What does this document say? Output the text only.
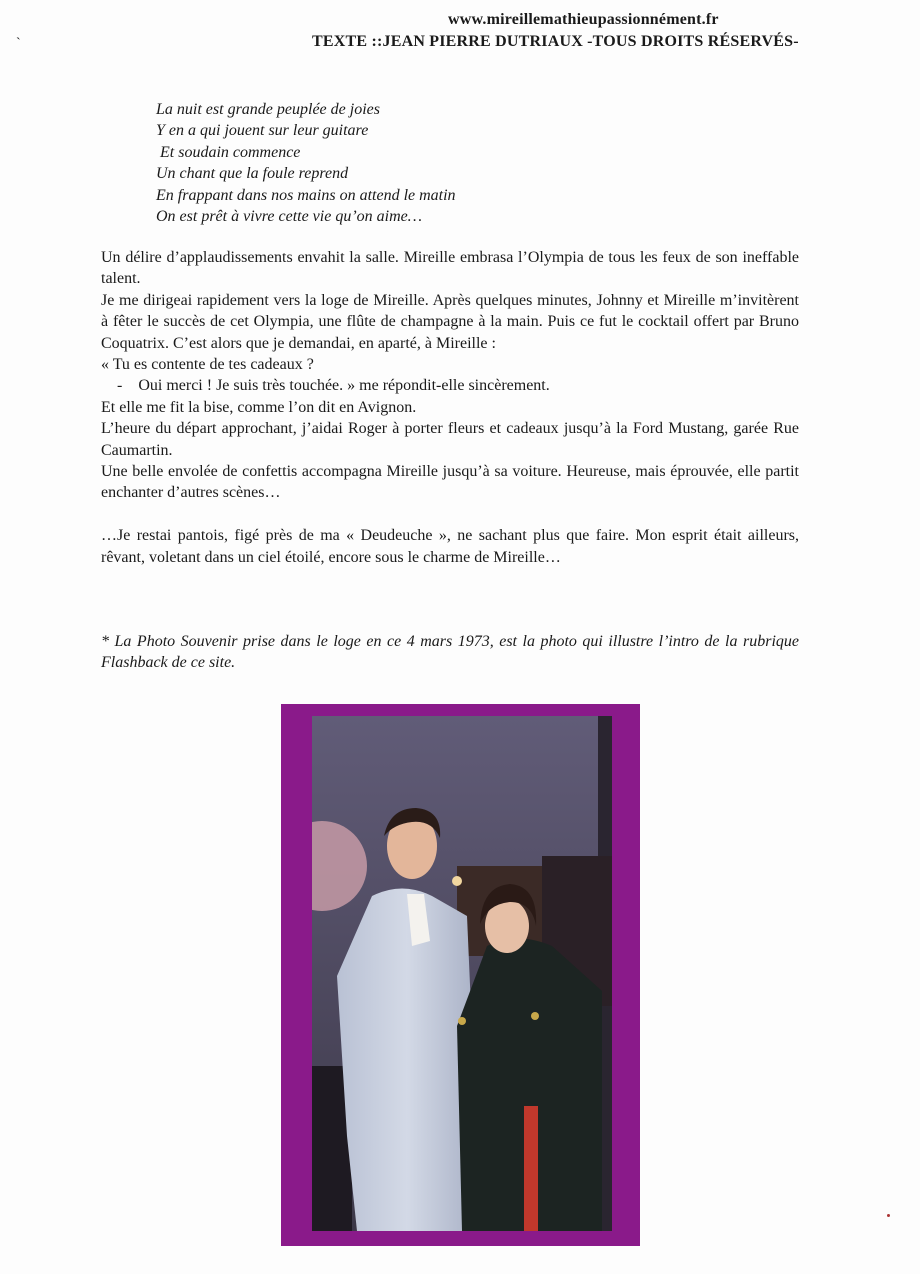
www.mireillemathieupassionnément.fr
`	TEXTE ::JEAN PIERRE DUTRIAUX -TOUS DROITS RÉSERVÉS-
La nuit est grande peuplée de joies
Y en a qui jouent sur leur guitare
Et soudain commence
Un chant que la foule reprend
En frappant dans nos mains on attend le matin
On est prêt à vivre cette vie qu’on aime…

Un délire d’applaudissements envahit la salle. Mireille embrasa l’Olympia de tous les feux de son ineffable talent.

Je me dirigeai rapidement vers la loge de Mireille. Après quelques minutes, Johnny et Mireille m’invitèrent à fêter le succès de cet Olympia, une flûte de champagne à la main. Puis ce fut le cocktail offert par Bruno Coquatrix. C’est alors que je demandai, en aparté, à Mireille :

« Tu es contente de tes cadeaux ?

-    Oui merci ! Je suis très touchée. » me répondit-elle sincèrement.

Et elle me fit la bise, comme l’on dit en Avignon.

L’heure du départ approchant, j’aidai Roger à porter fleurs et cadeaux jusqu’à la Ford Mustang, garée Rue Caumartin.

Une belle envolée de confettis accompagna Mireille jusqu’à sa voiture. Heureuse, mais éprouvée, elle partit enchanter d’autres scènes…

…Je restai pantois, figé près de ma « Deudeuche », ne sachant plus que faire. Mon esprit était ailleurs, rêvant, voletant dans un ciel étoilé, encore sous le charme de Mireille…

* La Photo Souvenir prise dans le loge en ce 4 mars 1973, est la photo qui illustre l’intro de la rubrique Flashback de ce site.
